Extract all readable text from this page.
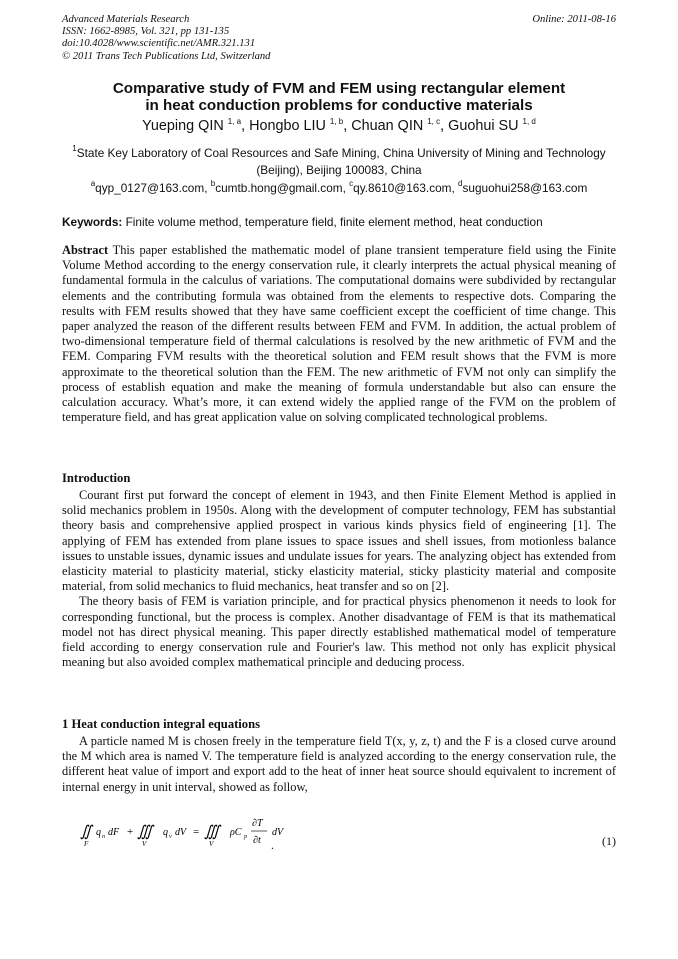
Advanced Materials Research
ISSN: 1662-8985, Vol. 321, pp 131-135
doi:10.4028/www.scientific.net/AMR.321.131
© 2011 Trans Tech Publications Ltd, Switzerland
Online: 2011-08-16
Comparative study of FVM and FEM using rectangular element
in heat conduction problems for conductive materials
Yueping QIN $^{1, a}$, Hongbo LIU $^{1, b}$, Chuan QIN $^{1, c}$, Guohui SU $^{1, d}$
$^1$State Key Laboratory of Coal Resources and Safe Mining, China University of Mining and Technology (Beijing), Beijing 100083, China
$^a$qyp_0127@163.com, $^b$cumtb.hong@gmail.com, $^c$qy.8610@163.com, $^d$suguohui258@163.com
Keywords: Finite volume method, temperature field, finite element method, heat conduction

Abstract This paper established the mathematic model of plane transient temperature field using the Finite Volume Method according to the energy conservation rule, it clearly interprets the actual physical meaning of fundamental formula in the calculus of variations. The computational domains were subdivided by rectangular elements and the contributing formula was obtained from the elements to respective dots. Comparing the results with FEM results showed that they have same coefficient except the coefficient of time change. This paper analyzed the reason of the different results between FEM and FVM. In addition, the actual problem of two-dimensional temperature field of thermal calculations is resolved by the new arithmetic of FVM and the FEM. Comparing FVM results with the theoretical solution and FEM result shows that the FVM is more approximate to the theoretical solution than the FEM. The new arithmetic of FVM not only can simplify the process of establish equation and make the meaning of formula understandable but also can ensure the calculation accuracy. What’s more, it can extend widely the applied range of the FVM on the problem of temperature field, and has great application value on solving complicated technological problems.

Introduction

Courant first put forward the concept of element in 1943, and then Finite Element Method is applied in solid mechanics problem in 1950s. Along with the development of computer technology, FEM has substantial theory basis and comprehensive applied prospect in various kinds physics field of engineering [1]. The applying of FEM has extended from plane issues to space issues and shell issues, from motionless balance issues to unstable issues, dynamic issues and undulate issues for years. The analyzing object has extended from elasticity material to plasticity material, sticky elasticity material, sticky plasticity material and composite material, from solid mechanics to fluid mechanics, heat transfer and so on [2].

The theory basis of FEM is variation principle, and for practical physics phenomenon it needs to look for corresponding functional, but the process is complex. Another disadvantage of FEM is that its mathematical model not has direct physical meaning. This paper directly established mathematical model of temperature field according to energy conservation rule and Fourier's law. This method not only has explicit physical meaning but also avoided complex mathematical principle and deducing process.

1 Heat conduction integral equations

A particle named M is chosen freely in the temperature field T(x, y, z, t) and the F is a closed curve around the M which area is named V. The temperature field is analyzed according to the energy conservation rule, the different heat value of import and export add to the heat of inner heat source should equivalent to increment of internal energy in unit interval, showed as follow,

∬
F
q n dF + ∭
V
q v dV = ∭
V
ρC p
∂T
∂t
dV
.	(1)
